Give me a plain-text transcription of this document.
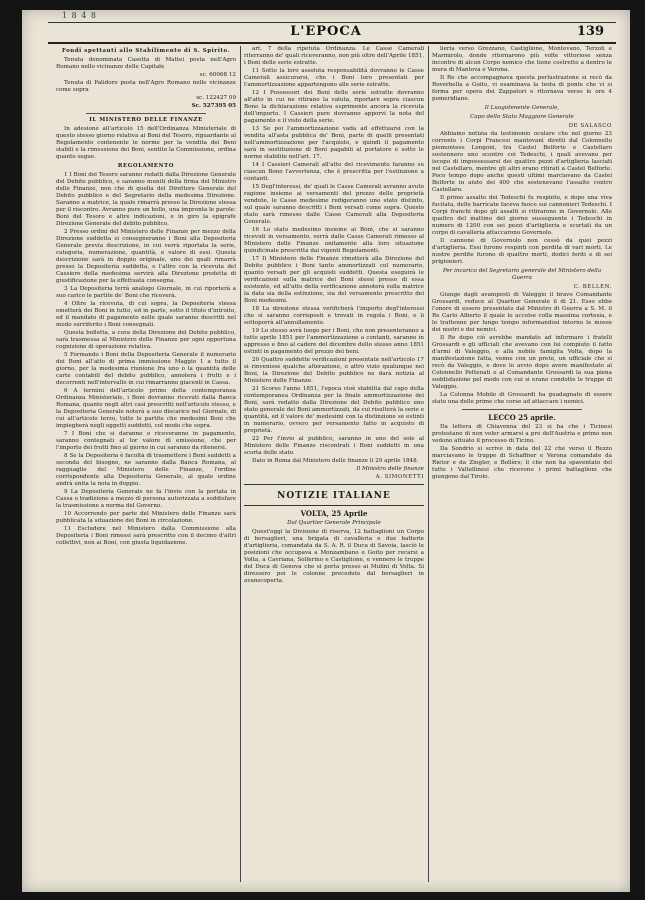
1 8 4 8
L'EPOCA	139

Fondi spettanti allo Stabilimento di S. Spirito.

Tenuta denominata Casetta di Mattei posta nell'Agro Romano nello vicinanze delle Capitale

sc. 60068 12

Tenuta di Palidoro posta nell'Agro Romano nelle vicinanze come sopra

sc. 122427 09

Sc. 527395 05

IL MINISTERO DELLE FINANZE

In adesione all'articolo 15 dell'Ordinanza Ministeriale di questo stesso giorno relativa ai Boni del Tesoro, riguardante al Regolamento contenente le norme per la vendita dei Beni stabili e la rimessione dei Boni, sentito la Commissione, ordina quanto segue.

REGOLAMENTO

1 I Boni del Tesoro saranno redatti dalla Direzione Generale del Debito pubblico, e saranno muniti della firma del Ministro delle Finanze, non che di quella del Direttore Generale del Debito pubblico e del Segretario della medesima Direzione. Saranno a matrice, la quale rimarrà presso la Direzione stessa per il riscontro. Avranno pure un bollo, una impronta le parole: Boni del Tesoro e altre indicazioni, e in giro la epigrafe Direzione Generale del debito pubblico.

2 Presso ordini del Ministero delle Finanze per mezzo della Direzione suddetta si consegneranno i Boni alla Depositeria Generale previa descrizione, in cui verrà riportata la serie, categoria, numerazione, quantità, e valore di essi. Questa descrizione sarà in doppio originale, uno dei quali rimarrà presso la Depositeria suddetta, e l'altro con la ricevuta del Cassiere della medesima servirà alla Direzione predetta di giustificazione per la effettuata consegna.

3 La Depositeria terrà analogo Giornale, in cui riporterà a suo carico le partite de' Boni che riceverà.

4 Oltre la ricevuta, di cui sopra, la Depositeria stessa emetterà dei Boni in tutto, ed in parte, sotto il titolo d'introito, ed il mandato di pagamento nelle quale saranno descritti nel modo surriferito i Boni consegnati.

Questa bolletta, a cura della Direzione del Debito pubblico, sarà trasmessa al Ministero delle Finanze per ogni opportuna cognizione di operazione relativa.

5 Formando i Boni della Depositeria Generale il numerario dei Boni all'atto di prima immissione Maggio 1 a tutto il giorno, per la medesima riunione fra uno o la quantità delle carte contabili del debito pubblico, annoterà i frutti e i decorrenti nell'intervallo in cui rimarranno giacenti in Cassa.

6 A termini dell'articolo primo della contemporanea Ordinanza Ministeriale, i Boni dovranno ricevuti dalla Banca Romana, quanto negli altri casi prescritti nell'articolo stesso, e la Depositeria Generale noterà a suo discarico nel Giornale, di cui all'articolo terzo, tutte le partite che medesimi Boni che impiegherà negli oggetti suddetti, col modo che sopra.

7 I Boni che si daranno o riceveranno in pagamento, saranno contegnati al lor valore di emissione, che per l'importo dei frutti fino al giorno in cui saranno da ritenersi.

8 Se la Depositeria è facoltà di trasmettere i Boni suddetti a seconda del bisogno, ne saranno dalla Banca Romana, al ragguaglio del Ministero delle Finanze, l'ordine corrispondente alla Depositeria Generale, al quale ordine andrà unita la nota in doppio.

9 La Depositeria Generale ne fa l'invio con la portata in Cassa o tradizione a mezzo di persona autorizzata a soddisfare la trasmissione a norma del Governo.

10 Accorrendo per parte del Ministero delle Finanze sarà pubblicata la situazione dei Boni in circolazione.

11 Escludere nel Ministero dalla Commissione alla Depositeria i Boni rimessi sarà prescritto con il decimo d'altri collettivi, non ai Boni, con giusta liquidazione.

art. 7 della ripetuta Ordinanza. Le Casse Camerali riterranno de' quali riceveranno, non più oltre dell'Aprile 1851, i Boni delle serie estratte.

11 Sotto la loro assoluta responsabilità dovranno le Casse Camerali assicurarsi, che i Boni loro presentati per l'ammortizzazione appartengono alle serie estratte.

12 I Possessori dei Boni delle serie estratte dovranno all'atto in cui ne ritirano la valuta, riportare sopra ciascun Bono la dichiarazione relativa esprimente ancora la ricevuta dell'importo. I Cassieri pure dovranno apporvi la nota del pagamento e il visto della serie.

13 Se poi l'ammortizzazione vada ad effettuarsi con la vendita all'asta pubblica de' Beni, parte di quelli presentati nell'ammortizzazione per l'acquisto, e quindi il pagamento sarà in sostituzione di Boni pagabili al portatore e sotto le norme stabilite nell'art. 17.

14 I Cassieri Camerali all'atto del ricevimento faranno su ciascun Bono l'avvertenza, che è prescritta per l'estinzione a contanti.

15 Degl'interessi, de' quali le Casse Camerali avranno avuto ragione insieme ai versamenti del prezzo delle proprietà vendute, le Casse medesime redigeranno uno stato distinto, sul quale saranno descritti i Boni versati come sopra. Questo stato sarà rimesso dalle Casse Camerali alla Depositeria Generale.

16 Lo stato medesimo insieme ai Boni, che si saranno ricevuti in versamento, verrà dalle Casse Camerali rimesso al Ministero delle Finanze unitamente alla loro situazione quindicinale prescritta dai vigenti Regolamenti.

17 Il Ministero delle Finanze rimetterà alla Direzione del Debito pubblico i Boni tanto ammortizzati col numerario, quanto versati per gli acquisti suddetti. Questa eseguirà le verificazioni sulla matrice dei Boni stessi presso di essa esistente, ed all'atto della verificazione annoterà sulla matrice la data sia della estinzione, sia del versamento prescritto dei Boni medesimi.

18 La direzione stessa verificherà l'importo degl'interessi che si saranno corrisposti e trovati in regola i Boni, e li sottoporrà all'annullamento.

19 Lo stesso avrà luogo per i Boni, che non presenteranno a tutto aprile 1851 per l'ammortizzazione a contanti, saranno in appresso e fino al cadere del dicembre dello stesso anno 1851 estinti in pagamento del prezzo dei beni.

20 Quattro suddette verificazioni presentate nell'articolo 17 si rinvenisse qualche alterazione, o altro vizio qualunque nei Boni, la Direzione del Debito pubblico ne darà notizia al Ministero delle Finanze.

21 Scorso l'anno 1851, l'epoca cioè stabilita dal capo della contemporanea Ordinanza per la finale ammortizzazione dei Boni, sarà redatto dalla Direzione del Debito pubblico uno stato generale dei Boni ammortizzati, da cui risulterà la serie e quantità, ed il valore de' medesimi con la distinzione se estinti in numerario, ovvero per versamento fatto in acquisto di proprietà.

22 Per l'invio al pubblico, saranno in uno del sole al Ministero delle Finanze riscontrati i Boni suddetti in una scorta delle stato.

Dato in Roma dal Ministero delle finanze li 29 aprile 1848.

Il Ministro delle finanze

A. SIMONETTI

NOTIZIE ITALIANE

VOLTA, 25 Aprile

Dal Quartier Generale Principale

Quest'oggi la Divisione di riserva, 12 battaglioni un Corpo di bersaglieri, una brigata di cavalleria e due batterie d'artiglieria, comandata da S. A. R. il Duca di Savoia, lasciò le posizioni che occupava a Monzambano e Goito per recarsi a Volta, a Cavriana, Solferino e Castiglione, e vennero le truppe del Duca di Genova che si porta presso ai Mulini di Volta. Si diressero poi le colonne precedute dal bersaglieri in avanscoperta.

lieria verso Grezzano, Castiglione, Montevano, Terzoli e Marmirolo, donde ritornarono più volte vittoriose senza incontro di alcun Corpo nemico che tiene costretto a dentro le mura di Mantova e Verona.

Il Re che accompagnava questa perlustrazione si recò da Roverbella a Goito, vi esaminava la testa di ponte che vi si forma per opera dei Zappatori e ritornava verso le ore 4 pomeridiane.

Il Luogotenente Generale,

Capo dello Stato Maggiore Generale

DE SALASCO

Abbiamo notizia da testimonio oculare che nel giorno 23 corrente i Corpi Francesi mantovani diretti dal Colonnello piemontese Longoni, tra Castel Belforte e Castellaro sostennero uno scontro coi Tedeschi, i quali avevano per iscopo di impossessarsi dei quattro pezzi d'artiglieria lasciati nel Castellaro, mentre gli altri erano ritirati a Castel Belforte. Poco tempo dopo anche questi ultimi marciavano da Castel Belforte in aiuto dei 400 che sostenevano l'assalto contro Castellaro.

Il primo assalto dei Tedeschi fu respinto, e dopo una viva fucilata, delle barricate faceva fuoco sui cannonieri Tedeschi. I Corpi franchi dopo gli assalti si ritirarono in Governolo. Alle quattro del mattino del giorno susseguente i Tedeschi in numero di 1200 con sei pezzi d'artiglieria e scortati da un corpo di cavalleria attaccarono Governolo.

Il cannone di Governolo non cessò da quei pezzi d'artiglieria. Essi furono respinti con perdita di vari morti. Le nostre perdite furono di quattro morti, dodici feriti e di sei prigionieri.

Per incarico del Segretario generale del Ministero della Guerra

C. BELLEN.

Giunge dagli avamposti di Valeggio il bravo Comandante Grossardi, reduce al Quartier Generale il di 21. Esso ebbe l'onore di essere presentato dal Ministro di Guerra a S. M. il Re Carlo Alberto il quale lo accolse colla massima cortesia, e lo trattenne per lungo tempo informandosi intorno le mosse dei nostri e dei nemici.

Il Re dopo ciò avrebbe mandato ad informare i fratelli Grossardi e gli ufficiali che avevano con lui compiuto il fatto d'armi di Valeggio, e alla nobile famiglia Volta, dopo la manifestazione fatta, venne con un prete, un ufficiale che si recò da Valeggio, e dove lo avvio dopo avere manifestato al Colonnello Pettenati e al Comandante Grossardi la sua piena soddisfazione pel modo con cui si erano condotte le truppe di Valeggio.

La Colonna Mobile di Grossardi ha guadagnato di essere stato una delle prime che corse ad attaccare i nemici.

LECCO 25 aprile.

Da lettera di Chiavenna del 23 si ha che i Ticinesi protestano di non voler armarsi a pro dell'Austria e primo non vedono attuato il processo di Ticino.

Da Sondrio si scrive in data del 22 che verso il Rezzo marciavano le truppe di Schaffner e Verona comandate da Rietor e da Zingler, e Bollèrs; il che non ha spaventato del tutto i Valtellinesi che ricevono i primi battaglioni che giungono dal Tirolo.
